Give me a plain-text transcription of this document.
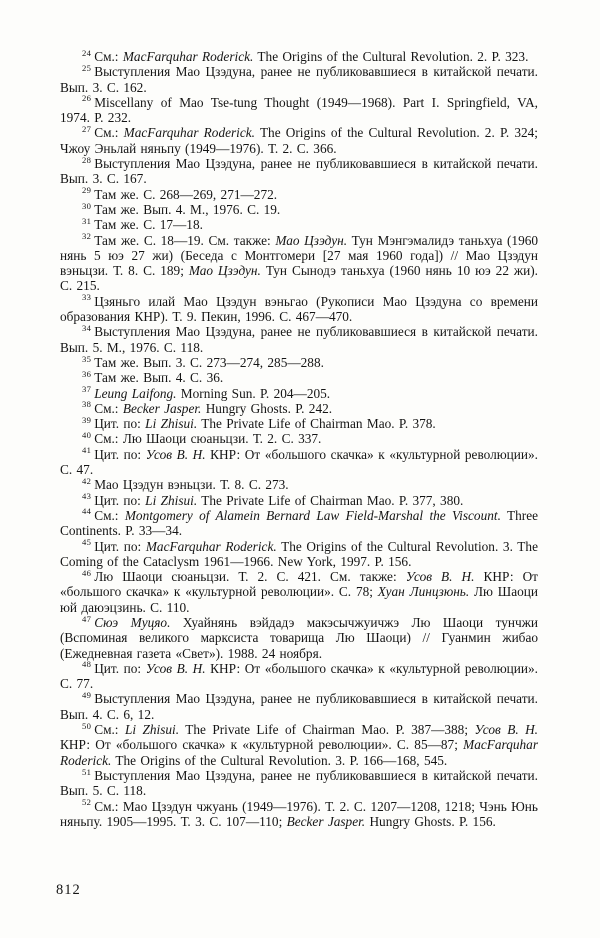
$^{24}$ См.: MacFarquhar Roderick. The Origins of the Cultural Revolution. 2. P. 323.

$^{25}$ Выступления Мао Цзэдуна, ранее не публиковавшиеся в китайской печати. Вып. 3. С. 162.

$^{26}$ Miscellany of Mao Tse-tung Thought (1949—1968). Part I. Springfield, VA, 1974. P. 232.

$^{27}$ См.: MacFarquhar Roderick. The Origins of the Cultural Revolution. 2. P. 324; Чжоу Эньлай няньпу (1949—1976). Т. 2. С. 366.

$^{28}$ Выступления Мао Цзэдуна, ранее не публиковавшиеся в китайской печати. Вып. 3. С. 167.

$^{29}$ Там же. С. 268—269, 271—272.

$^{30}$ Там же. Вып. 4. М., 1976. С. 19.

$^{31}$ Там же. С. 17—18.

$^{32}$ Там же. С. 18—19. См. также: Мао Цзэдун. Тун Мэнгэмалидэ таньхуа (1960 нянь 5 юэ 27 жи) (Беседа с Монтгомери [27 мая 1960 года]) // Мао Цзэдун вэньцзи. Т. 8. С. 189; Мао Цзэдун. Тун Сынодэ таньхуа (1960 нянь 10 юэ 22 жи). С. 215.

$^{33}$ Цзяньго илай Мао Цзэдун вэньгао (Рукописи Мао Цзэдуна со времени образования КНР). Т. 9. Пекин, 1996. С. 467—470.

$^{34}$ Выступления Мао Цзэдуна, ранее не публиковавшиеся в китайской печати. Вып. 5. М., 1976. С. 118.

$^{35}$ Там же. Вып. 3. С. 273—274, 285—288.

$^{36}$ Там же. Вып. 4. С. 36.

$^{37}$ Leung Laifong. Morning Sun. P. 204—205.

$^{38}$ См.: Becker Jasper. Hungry Ghosts. P. 242.

$^{39}$ Цит. по: Li Zhisui. The Private Life of Chairman Mao. P. 378.

$^{40}$ См.: Лю Шаоци сюаньцзи. Т. 2. С. 337.

$^{41}$ Цит. по: Усов В. Н. КНР: От «большого скачка» к «культурной революции». С. 47.

$^{42}$ Мао Цзэдун вэньцзи. Т. 8. С. 273.

$^{43}$ Цит. по: Li Zhisui. The Private Life of Chairman Mao. P. 377, 380.

$^{44}$ См.: Montgomery of Alamein Bernard Law Field-Marshal the Viscount. Three Continents. P. 33—34.

$^{45}$ Цит. по: MacFarquhar Roderick. The Origins of the Cultural Revolution. 3. The Coming of the Cataclysm 1961—1966. New York, 1997. P. 156.

$^{46}$ Лю Шаоци сюаньцзи. Т. 2. С. 421. См. также: Усов В. Н. КНР: От «большого скачка» к «культурной революции». С. 78; Хуан Линцзюнь. Лю Шаоци юй даюэцзинь. С. 110.

$^{47}$ Сюэ Муцяо. Хуайнянь вэйдадэ макэсычжуичжэ Лю Шаоци тунчжи (Вспоминая великого марксиста товарища Лю Шаоци) // Гуанмин жибао (Ежедневная газета «Свет»). 1988. 24 ноября.

$^{48}$ Цит. по: Усов В. Н. КНР: От «большого скачка» к «культурной революции». С. 77.

$^{49}$ Выступления Мао Цзэдуна, ранее не публиковавшиеся в китайской печати. Вып. 4. С. 6, 12.

$^{50}$ См.: Li Zhisui. The Private Life of Chairman Mao. P. 387—388; Усов В. Н. КНР: От «большого скачка» к «культурной революции». С. 85—87; MacFarquhar Roderick. The Origins of the Cultural Revolution. 3. P. 166—168, 545.

$^{51}$ Выступления Мао Цзэдуна, ранее не публиковавшиеся в китайской печати. Вып. 5. С. 118.

$^{52}$ См.: Мао Цзэдун чжуань (1949—1976). Т. 2. С. 1207—1208, 1218; Чэнь Юнь няньпу. 1905—1995. Т. 3. С. 107—110; Becker Jasper. Hungry Ghosts. P. 156.

812
